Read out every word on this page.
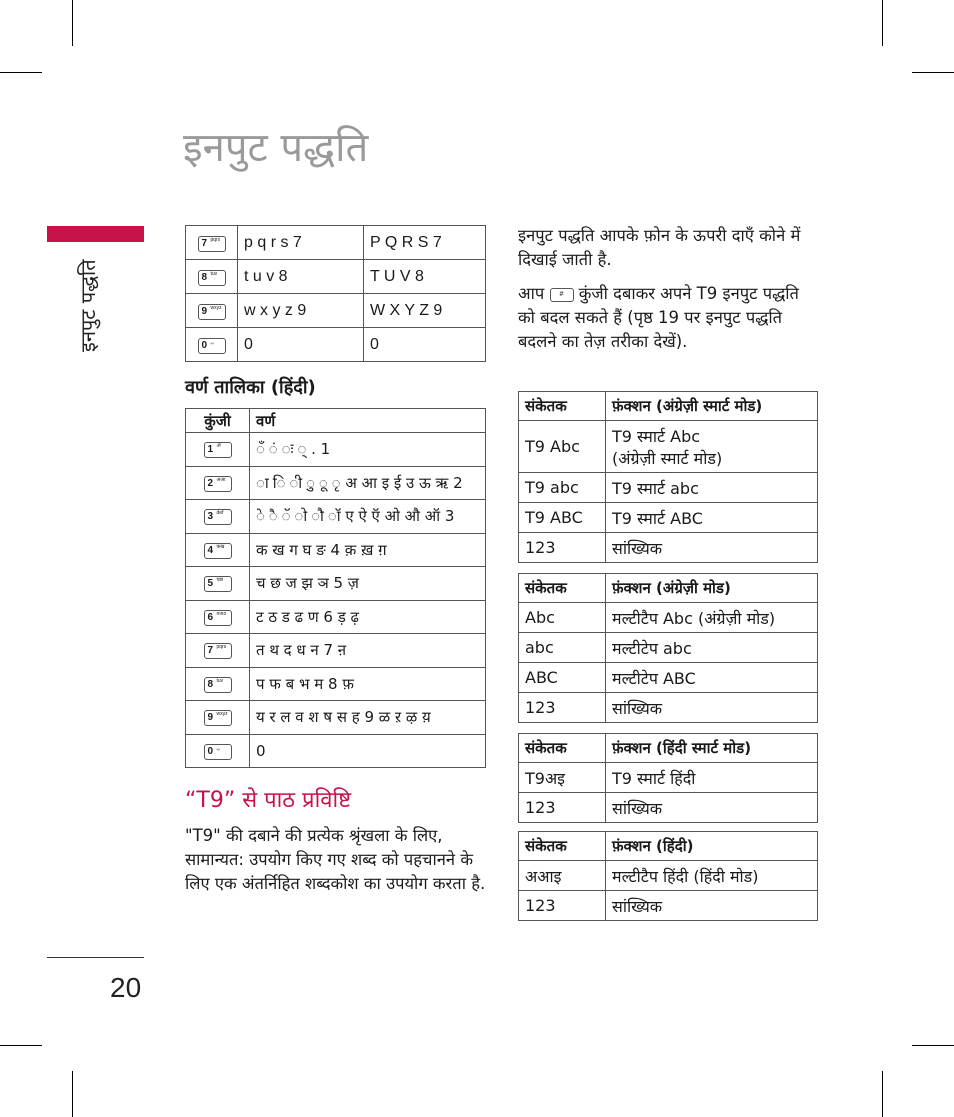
इनपुट पद्धति
इनपुट पद्धति
20
7 pqrs	p q r s 7	P Q R S 7

8 tuv	t u v 8	T U V 8

9 wxyz	w x y z 9	W X Y Z 9

0 ␣	0	0
वर्ण तालिका (हिंदी)
कुंजी	वर्ण

1 ॐ	ँ ं ः ् . 1

2 अआ	ा ि ी ु ू ृ अ आ इ ई उ ऊ ऋ 2

3 def	े ै ॅ ो ौ ॉ ए ऐ ऍ ओ औ ऑ 3

4 कख	क ख ग घ ङ 4 क़ ख़ ग़

5 चछ	च छ ज झ ञ 5 ज़

6 mno	ट ठ ड ढ ण 6 ड़ ढ़

7 pqrs	त थ द ध न 7 ऩ

8 tuv	प फ ब भ म 8 फ़

9 wxyz	य र ल व श ष स ह 9 ळ ऱ ऴ य़

0 ␣	0
“T9” से पाठ प्रविष्टि
"T9" की दबाने की प्रत्येक श्रृंखला के लिए, सामान्यत: उपयोग किए गए शब्द को पहचानने के लिए एक अंतर्निहित शब्दकोश का उपयोग करता है.
इनपुट पद्धति आपके फ़ोन के ऊपरी दाएँ कोने में दिखाई जाती है.
आप # कुंजी दबाकर अपने T9 इनपुट पद्धति को बदल सकते हैं (पृष्ठ 19 पर इनपुट पद्धति बदलने का तेज़ तरीका देखें).
संकेतक	फ़ंक्शन (अंग्रेज़ी स्मार्ट मोड)
T9 Abc	T9 स्मार्ट Abc
(अंग्रेज़ी स्मार्ट मोड)

T9 abc	T9 स्मार्ट abc
T9 ABC	T9 स्मार्ट ABC
123	सांख्यिक
संकेतक	फ़ंक्शन (अंग्रेज़ी मोड)
Abc	मल्टीटैप Abc (अंग्रेज़ी मोड)
abc	मल्टीटेप abc
ABC	मल्टीटेप ABC
123	सांख्यिक
संकेतक	फ़ंक्शन (हिंदी स्मार्ट मोड)
T9अइ	T9 स्मार्ट हिंदी
123	सांख्यिक
संकेतक	फ़ंक्शन (हिंदी)
अआइ	मल्टीटैप हिंदी (हिंदी मोड)
123	सांख्यिक
